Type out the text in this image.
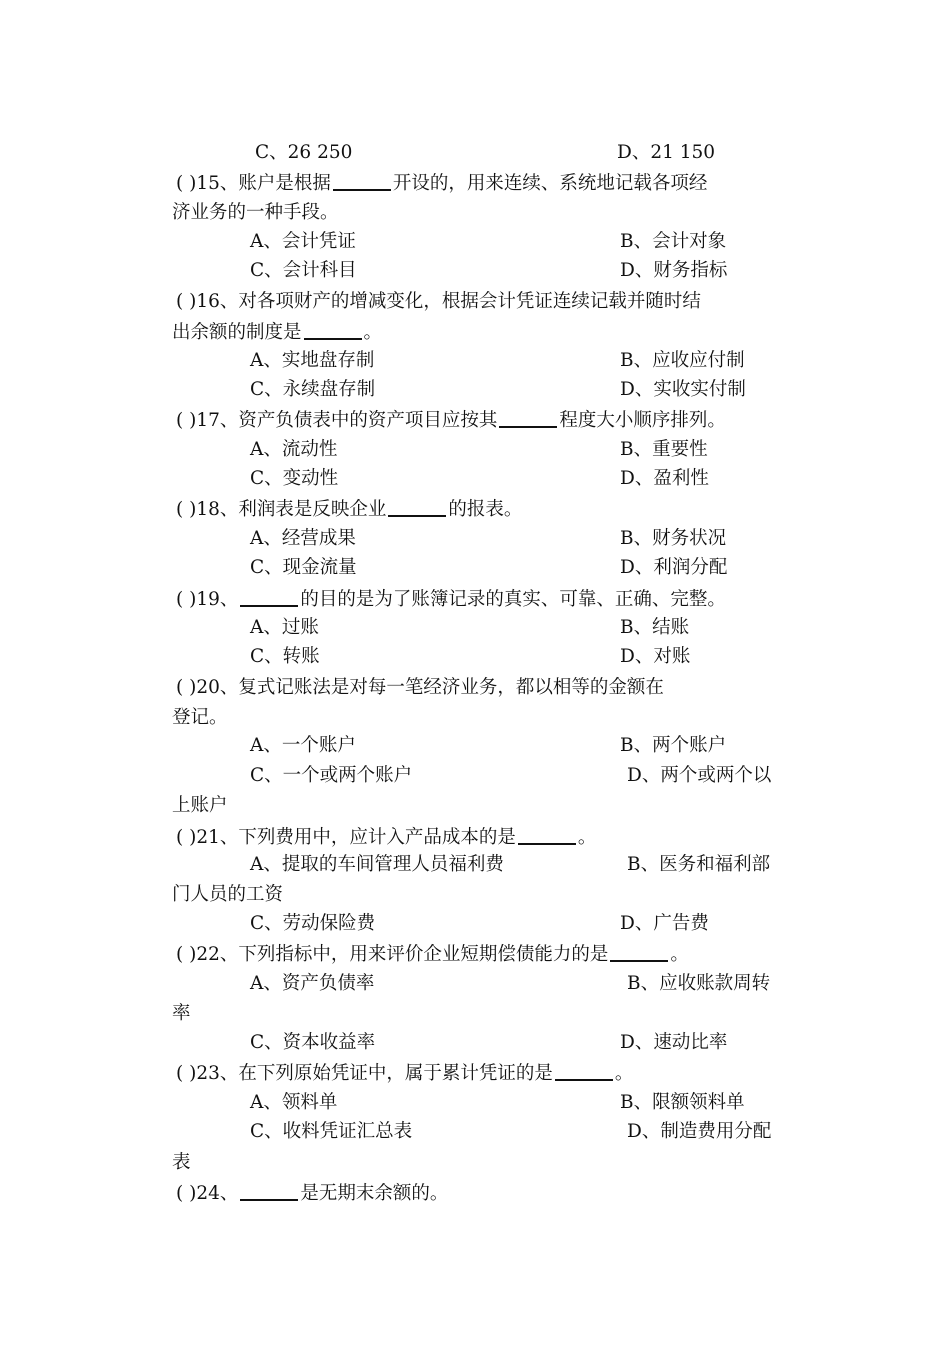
C、26 250	D、21 150
( )15、账户是根据	开设的，用来连续、系统地记载各项经
济业务的一种手段。
A、会计凭证	B、会计对象
C、会计科目	D、财务指标
( )16、对各项财产的增减变化，根据会计凭证连续记载并随时结
出余额的制度是	。
A、实地盘存制	B、应收应付制
C、永续盘存制	D、实收实付制
( )17、资产负债表中的资产项目应按其	程度大小顺序排列。
A、流动性	B、重要性
C、变动性	D、盈利性
( )18、利润表是反映企业	的报表。
A、经营成果	B、财务状况
C、现金流量	D、利润分配
( )19、	的目的是为了账簿记录的真实、可靠、正确、完整。
A、过账	B、结账
C、转账	D、对账
( )20、复式记账法是对每一笔经济业务，都以相等的金额在
登记。
A、一个账户	B、两个账户
C、一个或两个账户	D、两个或两个以
上账户
( )21、下列费用中，应计入产品成本的是	。
A、提取的车间管理人员福利费	B、医务和福利部
门人员的工资
C、劳动保险费	D、广告费
( )22、下列指标中，用来评价企业短期偿债能力的是	。
A、资产负债率	B、应收账款周转
率
C、资本收益率	D、速动比率
( )23、在下列原始凭证中，属于累计凭证的是	。
A、领料单	B、限额领料单
C、收料凭证汇总表	D、制造费用分配
表
( )24、	是无期末余额的。
